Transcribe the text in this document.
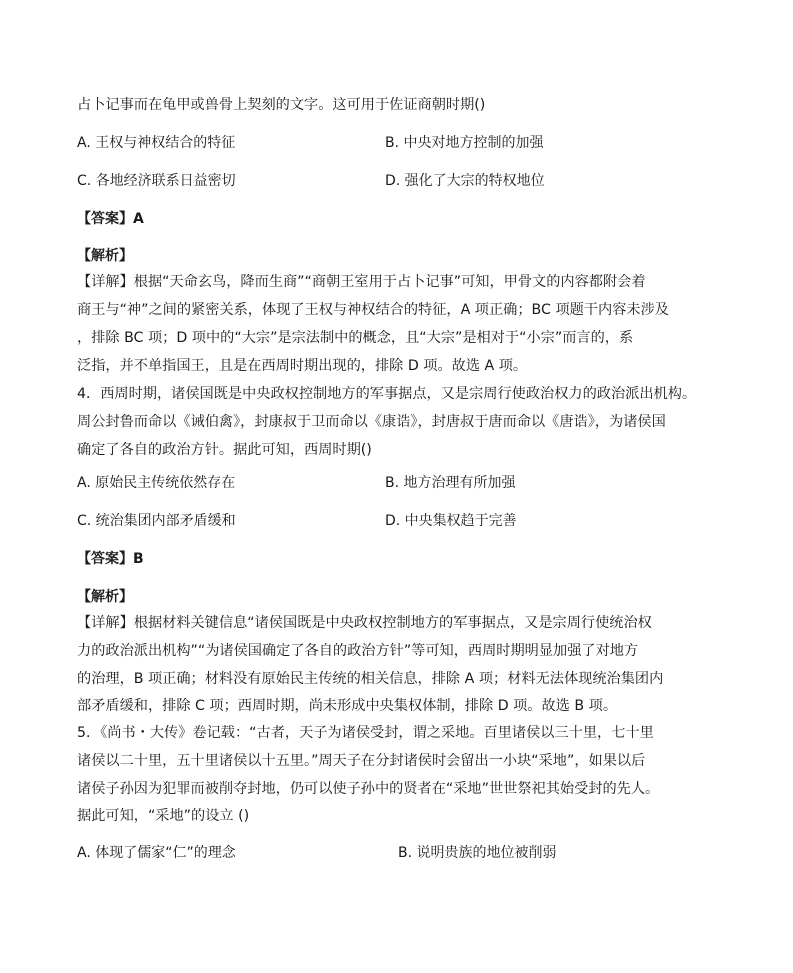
占卜记事而在龟甲或兽骨上契刻的文字。这可用于佐证商朝时期()
A. 王权与神权结合的特征	B. 中央对地方控制的加强
C. 各地经济联系日益密切	D. 强化了大宗的特权地位
【答案】A
【解析】
【详解】根据“天命玄鸟，降而生商”“商朝王室用于占卜记事”可知，甲骨文的内容都附会着
商王与“神”之间的紧密关系，体现了王权与神权结合的特征，A 项正确；BC 项题干内容未涉及
，排除 BC 项；D 项中的“大宗”是宗法制中的概念，且“大宗”是相对于“小宗”而言的，系
泛指，并不单指国王，且是在西周时期出现的，排除 D 项。故选 A 项。
4．西周时期，诸侯国既是中央政权控制地方的军事据点，又是宗周行使政治权力的政治派出机构。
周公封鲁而命以《诫伯禽》，封康叔于卫而命以《康诰》，封唐叔于唐而命以《唐诰》，为诸侯国
确定了各自的政治方针。据此可知，西周时期()
A. 原始民主传统依然存在	B. 地方治理有所加强
C. 统治集团内部矛盾缓和	D. 中央集权趋于完善
【答案】B
【解析】
【详解】根据材料关键信息“诸侯国既是中央政权控制地方的军事据点，又是宗周行使统治权
力的政治派出机构”“为诸侯国确定了各自的政治方针”等可知，西周时期明显加强了对地方
的治理，B 项正确；材料没有原始民主传统的相关信息，排除 A 项；材料无法体现统治集团内
部矛盾缓和，排除 C 项；西周时期，尚未形成中央集权体制，排除 D 项。故选 B 项。
5．《尚书・大传》卷记载：“古者，天子为诸侯受封，谓之采地。百里诸侯以三十里，七十里
诸侯以二十里，五十里诸侯以十五里。”周天子在分封诸侯时会留出一小块“采地”，如果以后
诸侯子孙因为犯罪而被削夺封地，仍可以使子孙中的贤者在“采地”世世祭祀其始受封的先人。
据此可知，“采地”的设立 ()
A. 体现了儒家“仁”的理念	B. 说明贵族的地位被削弱
